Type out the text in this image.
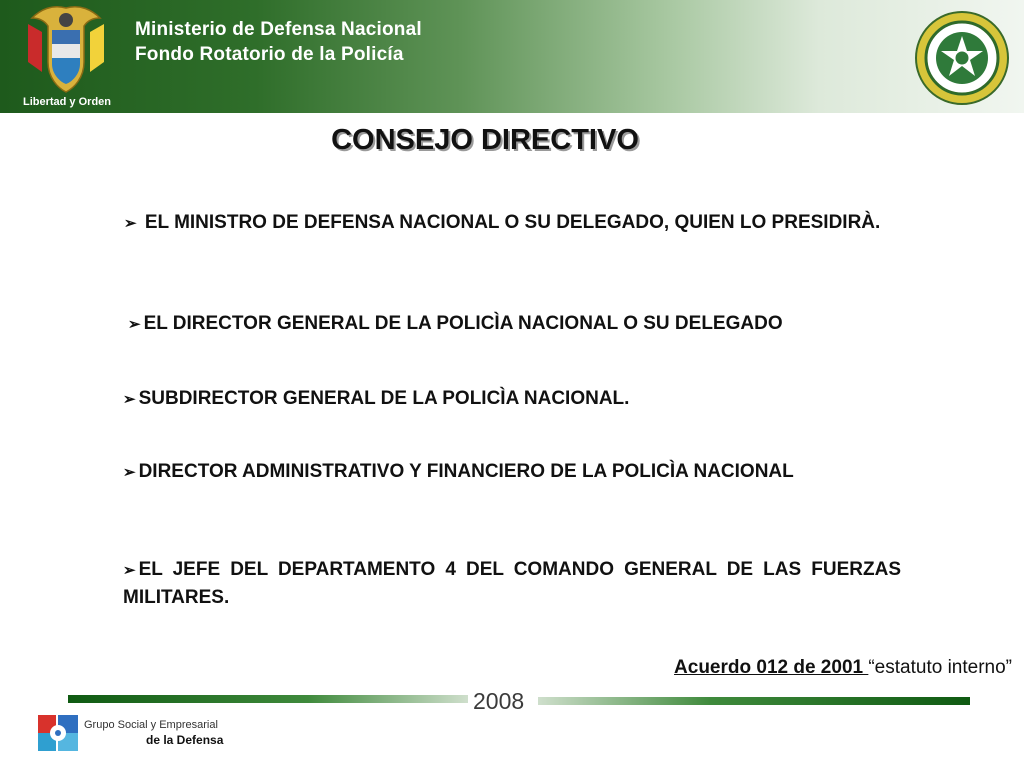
Libertad y Orden
Ministerio de Defensa Nacional
Fondo Rotatorio de la Policía
CONSEJO DIRECTIVO
➢ EL MINISTRO DE DEFENSA NACIONAL O SU DELEGADO, QUIEN LO PRESIDIRÀ.
➢ EL DIRECTOR GENERAL DE LA POLICÌA NACIONAL O SU DELEGADO
➢ SUBDIRECTOR GENERAL DE LA POLICÌA NACIONAL.
➢ DIRECTOR ADMINISTRATIVO Y FINANCIERO DE LA POLICÌA NACIONAL
➢ EL JEFE DEL DEPARTAMENTO 4 DEL COMANDO GENERAL DE LAS FUERZAS MILITARES.
Acuerdo 012 de 2001 “estatuto interno”
2008
Grupo Social y Empresarial
de la Defensa
